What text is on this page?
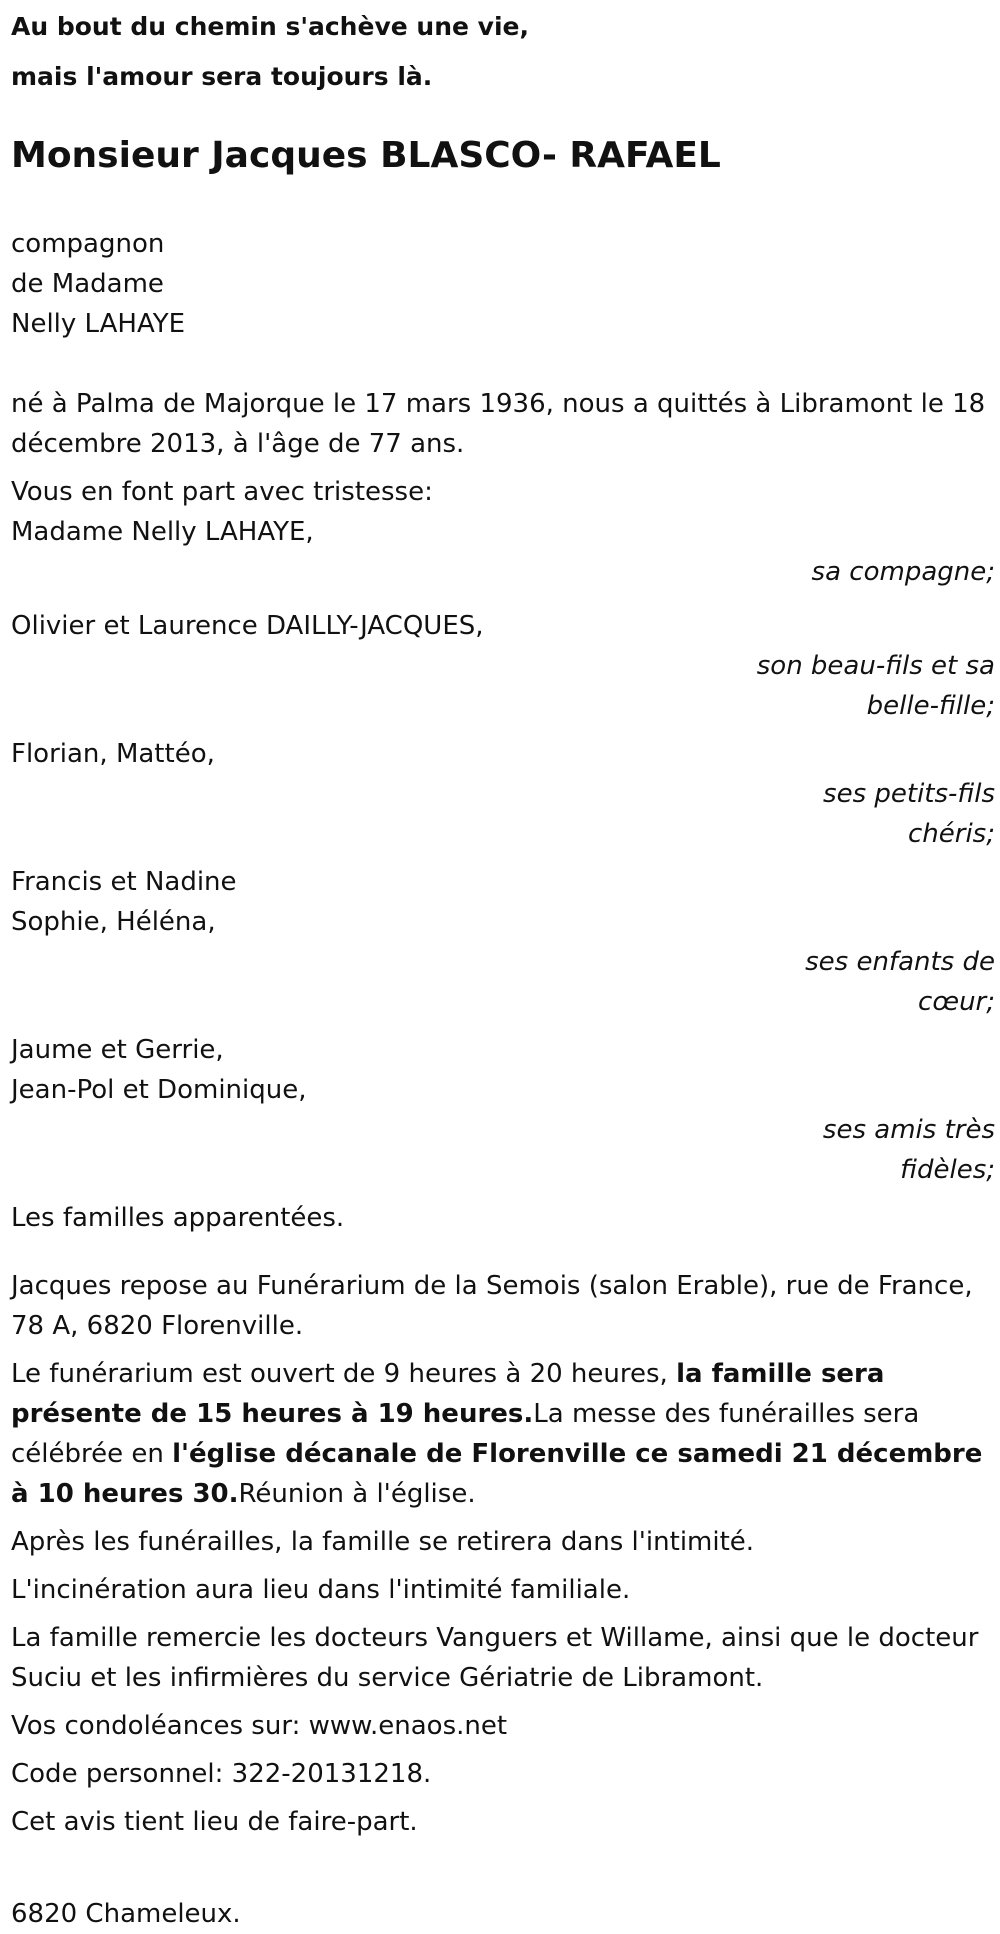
Au bout du chemin s'achève une vie,
mais l'amour sera toujours là.
Monsieur Jacques BLASCO- RAFAEL
compagnon
de Madame
Nelly LAHAYE

né à Palma de Majorque le 17 mars 1936, nous a quittés à Libramont le 18 décembre 2013, à l'âge de 77 ans.

Vous en font part avec tristesse:

Madame Nelly LAHAYE,
sa compagne;
Olivier et Laurence DAILLY-JACQUES,
son beau-fils et sa
belle-fille;
Florian, Mattéo,
ses petits-fils
chéris;
Francis et Nadine
Sophie, Héléna,
ses enfants de
cœur;
Jaume et Gerrie,
Jean-Pol et Dominique,
ses amis très
fidèles;

Les familles apparentées.

Jacques repose au Funérarium de la Semois (salon Erable), rue de France, 78 A, 6820 Florenville.

Le funérarium est ouvert de 9 heures à 20 heures, la famille sera présente de 15 heures à 19 heures.La messe des funérailles sera célébrée en l'église décanale de Florenville ce samedi 21 décembre à 10 heures 30.Réunion à l'église.

Après les funérailles, la famille se retirera dans l'intimité.

L'incinération aura lieu dans l'intimité familiale.

La famille remercie les docteurs Vanguers et Willame, ainsi que le docteur Suciu et les infirmières du service Gériatrie de Libramont.

Vos condoléances sur: www.enaos.net

Code personnel: 322-20131218.

Cet avis tient lieu de faire-part.

6820 Chameleux.
